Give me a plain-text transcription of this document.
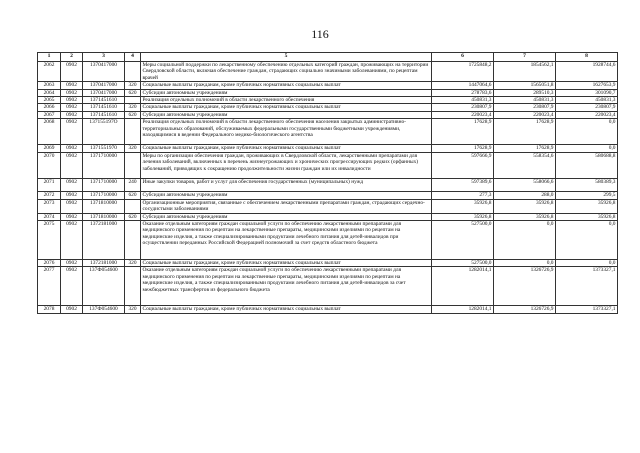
116
1	2	3	4	5	6	7	8
2062	0902	1370417000		Меры социальной поддержки по лекарственному обеспечению отдельных категорий граждан, проживающих на территории Свердловской области, включая обеспечение граждан, страдающих социально значимыми заболеваниями, по рецептам врачей	1725848,2	1854562,1	1928744,6
2063	0902	1370417000	320	Социальные выплаты гражданам, кроме публичных нормативных социальных выплат	1447064,6	1565051,8	1627653,9
2064	0902	1370417000	620	Субсидии автономным учреждениям	278783,6	289510,3	301090,7
2065	0902	1371451610		Реализация отдельных полномочий в области лекарственного обеспечения	450831,3	450831,3	450831,3
2066	0902	1371451610	320	Социальные выплаты гражданам, кроме публичных нормативных социальных выплат	230807,9	230807,9	230807,9
2067	0902	1371451610	620	Субсидии автономным учреждениям	220023,4	220023,4	220023,4
2068	0902	137155197О		Реализация отдельных полномочий в области лекарственного обеспечения населения закрытых административно-территориальных образований, обслуживаемых федеральными государственными бюджетными учреждениями, находящимися в ведении Федерального медико-биологического агентства	17628,9	17628,9	0,0
2069	0902	1371551970	320	Социальные выплаты гражданам, кроме публичных нормативных социальных выплат	17628,9	17628,9	0,0
2070	0902	1371710000		Меры по организации обеспечения граждан, проживающих в Свердловской области, лекарственными препаратами для лечения заболеваний, включенных в перечень жизнеугрожающих и хронических прогрессирующих редких (орфанных) заболеваний, приводящих к сокращению продолжительности жизни граждан или их инвалидности	597666,9	558354,6	580688,8
2071	0902	1371710000	240	Иные закупки товаров, работ и услуг для обеспечения государственных (муниципальных) нужд	597389,6	558066,6	580389,3
2072	0902	1371710000	620	Субсидии автономным учреждениям	277,3	288,0	299,5
2073	0902	1371810000		Организационные мероприятия, связанные с обеспечением лекарственными препаратами граждан, страдающих сердечно-сосудистыми заболеваниями	35926,8	35926,8	35926,8
2074	0902	1371810000	620	Субсидии автономным учреждениям	35926,8	35926,8	35926,8
2075	0902	1372181000		Оказание отдельным категориям граждан социальной услуги по обеспечению лекарственными препаратами для медицинского применения по рецептам на лекарственные препараты, медицинскими изделиями по рецептам на медицинские изделия, а также специализированными продуктами лечебного питания для детей-инвалидов при осуществлении переданных Российской Федерацией полномочий за счет средств областного бюджета	527500,0	0,0	0,0
2076	0902	1372181000	320	Социальные выплаты гражданам, кроме публичных нормативных социальных выплат	527500,0	0,0	0,0
2077	0902	137Ф054600		Оказание отдельным категориям граждан социальной услуги по обеспечению лекарственными препаратами для медицинского применения по рецептам на лекарственные препараты, медицинскими изделиями по рецептам на медицинские изделия, а также специализированными продуктами лечебного питания для детей-инвалидов за счет межбюджетных трансфертов из федерального бюджета	1282014,1	1326726,9	1373327,1
2078	0902	137Ф054600	320	Социальные выплаты гражданам, кроме публичных нормативных социальных выплат	1282014,1	1326726,9	1373327,1
